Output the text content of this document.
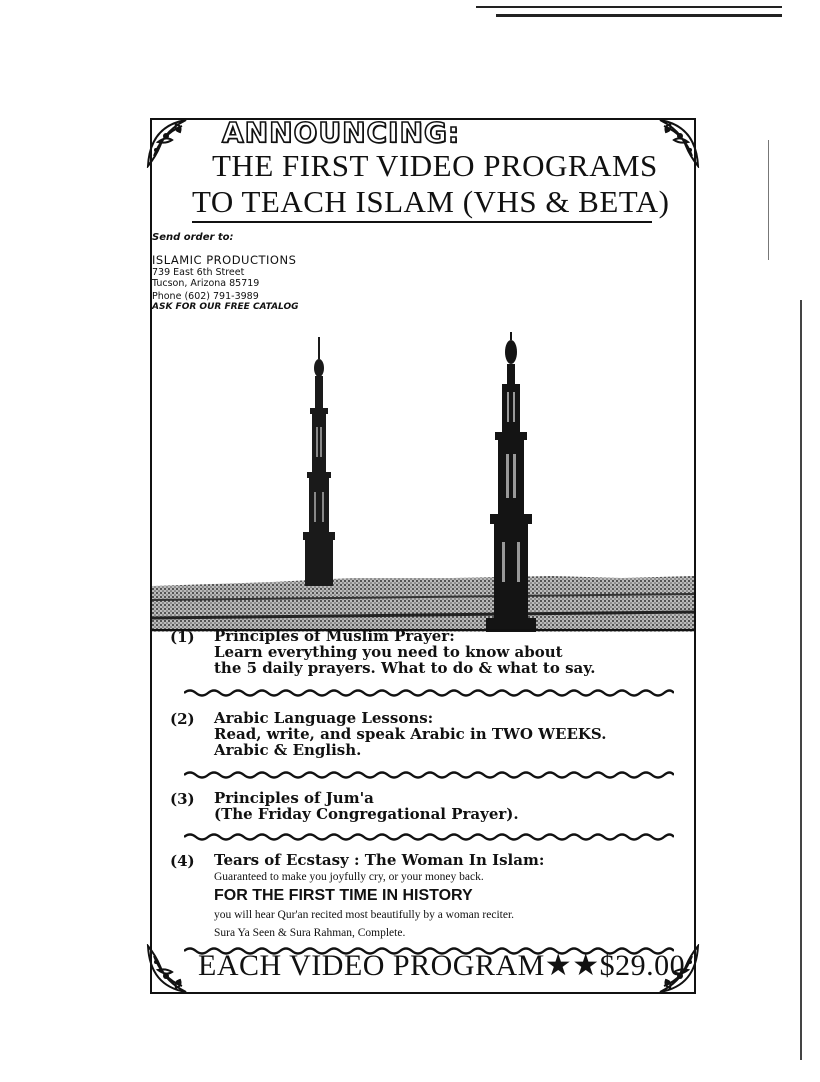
ANNOUNCING:
THE FIRST VIDEO PROGRAMS
TO TEACH ISLAM (VHS & BETA)
Send order to:
ISLAMIC PRODUCTIONS
739 East 6th Street
Tucson, Arizona 85719
Phone (602) 791-3989
ASK FOR OUR FREE CATALOG
(1) Principles of Muslim Prayer:
Learn everything you need to know about
the 5 daily prayers. What to do & what to say.
(2) Arabic Language Lessons:
Read, write, and speak Arabic in TWO WEEKS.
Arabic & English.
(3) Principles of Jum'a
(The Friday Congregational Prayer).
(4) Tears of Ecstasy : The Woman In Islam:
Guaranteed to make you joyfully cry, or your money back.
FOR THE FIRST TIME IN HISTORY
you will hear Qur'an recited most beautifully by a woman reciter.
Sura Ya Seen & Sura Rahman, Complete.
EACH VIDEO PROGRAM★★$29.00
